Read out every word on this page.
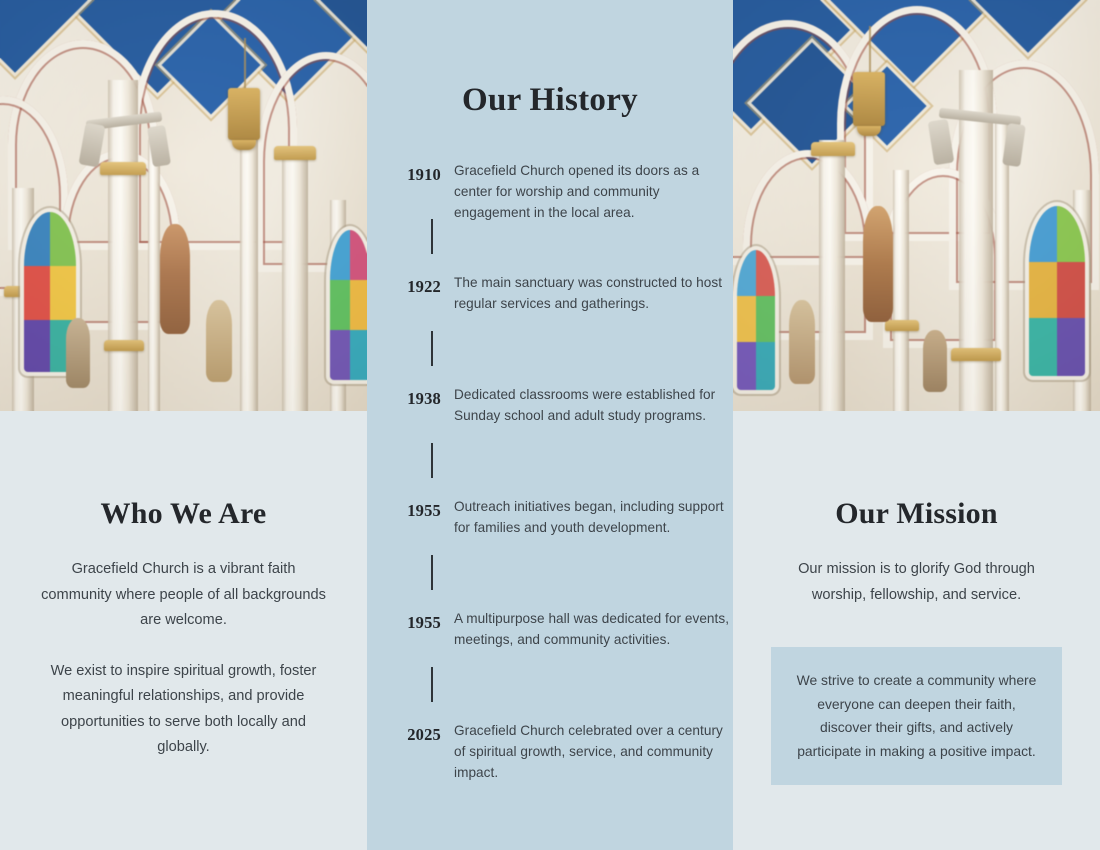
Our History
1910 Gracefield Church opened its doors as a center for worship and community engagement in the local area.
1922 The main sanctuary was constructed to host regular services and gatherings.
1938 Dedicated classrooms were established for Sunday school and adult study programs.
1955 Outreach initiatives began, including support for families and youth development.
1955 A multipurpose hall was dedicated for events, meetings, and community activities.
2025 Gracefield Church celebrated over a century of spiritual growth, service, and community impact.
Who We Are

Gracefield Church is a vibrant faith community where people of all backgrounds are welcome.

We exist to inspire spiritual growth, foster meaningful relationships, and provide opportunities to serve both locally and globally.

Our Mission

Our mission is to glorify God through worship, fellowship, and service.

We strive to create a community where everyone can deepen their faith, discover their gifts, and actively participate in making a positive impact.
